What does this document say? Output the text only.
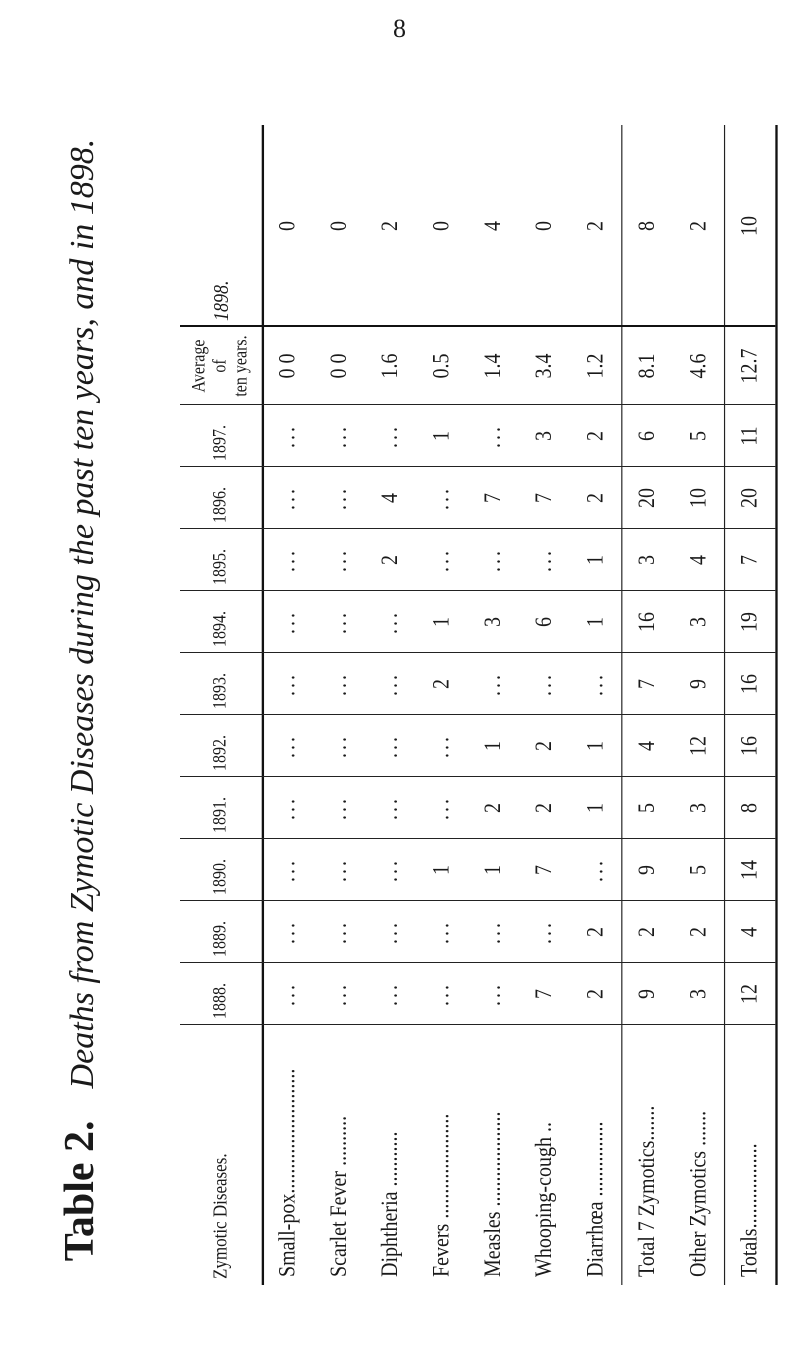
8
Table 2. Deaths from Zymotic Diseases during the past ten years, and in 1898.
Zymotic Diseases.
1888.
1889.
1890.
1891.
1892.
1893.
1894.
1895.
1896.
1897.
Average of ten years.
1898.
Small-pox.........................
...
...
...
...
...
...
...
...
...
...
0 0
0
Scarlet Fever ..........
...
...
...
...
...
...
...
...
...
...
0 0
0
Diphtheria ...........
...
...
...
...
...
...
...
2
4
...
1.6
2
Fevers .....................
...
...
1
...
...
2
1
...
...
1
0.5
0
Measles ...................
...
...
1
2
1
...
3
...
7
...
1.4
4
Whooping-cough ..
7
...
7
2
2
...
6
...
7
3
3.4
0
Diarrhœa ...............
2
2
...
1
1
...
1
1
2
2
1.2
2
Total 7 Zymotics.......
9
2
9
5
4
7
16
3
20
6
8.1
8
Other Zymotics .......
3
2
5
3
12
9
3
4
10
5
4.6
2
Totals.................
12
4
14
8
16
16
19
7
20
11
12.7
10
